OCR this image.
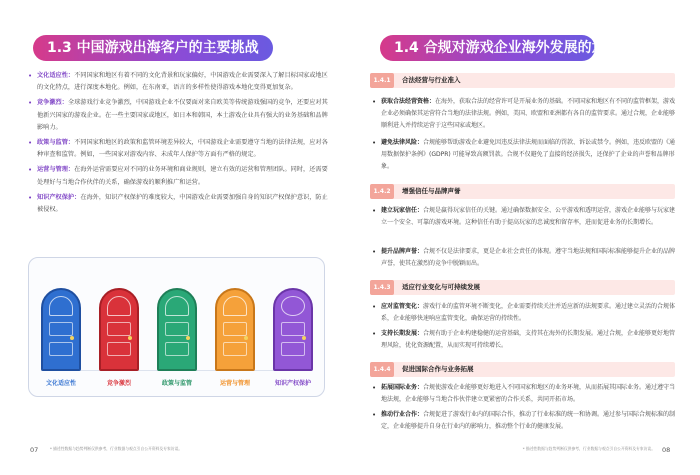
1.3 中国游戏出海客户的主要挑战
• 文化适应性：不同国家和地区有着不同的文化背景和玩家偏好，中国游戏企业需要深入了解目标国家或地区的文化特点，进行深度本地化。例如，在东南亚，语言的多样性使得游戏本地化变得更加复杂。
• 竞争激烈：全球游戏行业竞争激烈，中国游戏企业不仅要面对来自欧美等传统游戏强国的竞争，还要应对其他新兴国家的游戏企业。在一些主要国家或地区，如日本和韩国，本土游戏企业具有强大的业务基础和品牌影响力。
• 政策与监管：不同国家和地区的政策和监管环境差异较大，中国游戏企业需要遵守当地的法律法规，应对各种审查和监管。例如，一些国家对游戏内容、未成年人保护等方面有严格的规定。
• 运营与管理：在海外运营需要应对不同的业务环境和商业规则，建立有效的运营和管理团队。同时，还需要处理好与当地合作伙伴的关系，确保游戏的顺利推广和运营。
• 知识产权保护：在海外，知识产权保护的难度较大，中国游戏企业需要加强自身的知识产权保护意识，防止被侵权。
文化适应性	竞争激烈	政策与监管	运营与管理	知识产权保护
07	* 描述性数据与趋势判断仅供参考，行业数据与观点引自公开资料及专家访谈。
1.4 合规对游戏企业海外发展的意义
08
* 描述性数据与趋势判断仅供参考，行业数据与观点引自公开资料及专家访谈。
1.4.1	合法经营与行业准入
• 获取合法经营资格：在海外，获取合法的经营许可是开展业务的基础。不同国家和地区有不同的监管框架，游戏企业必须确保其运营符合当地的法律法规。例如，美国、欧盟和亚洲都有各自的监管要求。通过合规，企业能够顺利进入并持续运营于这些国家或地区。
• 避免法律风险：合规能够帮助游戏企业避免因违反法律法规而面临的罚款、诉讼或禁令。例如，违反欧盟的《通用数据保护条例》(GDPR) 可能导致高额罚款。合规不仅避免了直接的经济损失，还保护了企业的声誉和品牌形象。
1.4.2	增强信任与品牌声誉
• 建立玩家信任：合规是赢得玩家信任的关键。通过确保数据安全、公平游戏和透明运营，游戏企业能够与玩家建立一个安全、可靠的游戏环境。这种信任有助于提高玩家的忠诚度和留存率，进而促进业务的长期增长。
• 提升品牌声誉：合规不仅是法律要求，更是企业社会责任的体现。遵守当地法规和国际标准能够提升企业的品牌声誉，使其在激烈的竞争中脱颖而出。
1.4.3	适应行业变化与可持续发展
• 应对监管变化：游戏行业的监管环境不断变化，企业需要持续关注并适应新的法规要求。通过建立灵活的合规体系，企业能够快速响应监管变化，确保运营的持续性。
• 支持长期发展：合规有助于企业构建稳健的运营基础，支持其在海外的长期发展。通过合规，企业能够更好地管理风险，优化资源配置，从而实现可持续增长。
1.4.4	促进国际合作与业务拓展
• 拓展国际业务：合规使游戏企业能够更好地进入不同国家和地区的业务环境，从而拓展其国际业务。通过遵守当地法规，企业能够与当地合作伙伴建立更紧密的合作关系，共同开拓市场。
• 推动行业合作：合规促进了游戏行业内的国际合作，推动了行业标准的统一和协调。通过参与国际合规标准的制定，企业能够提升自身在行业内的影响力，推动整个行业的健康发展。
